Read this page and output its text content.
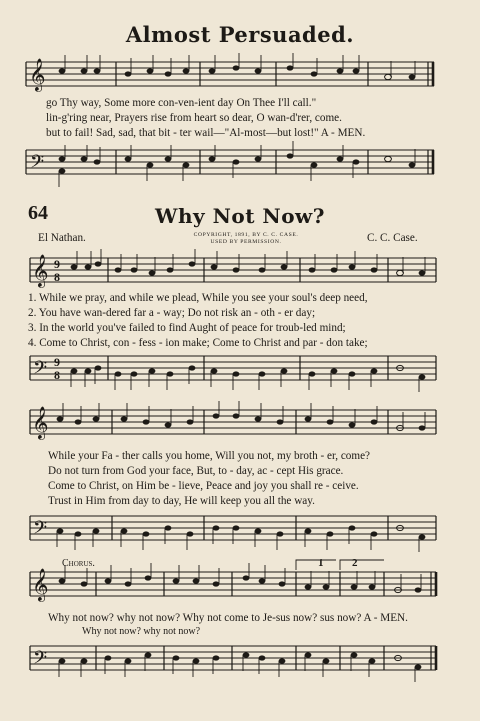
Almost Persuaded.
𝄞
go Thy way, Some more con-ven-ient day On Thee I'll call."
lin-g'ring near, Prayers rise from heart so dear, O wan-d'rer, come.
but to fail! Sad, sad, that bit - ter wail—"Al-most—but lost!" A - MEN.
𝄢
64	Why Not Now?
El Nathan.	COPYRIGHT, 1891, BY C. C. CASE.
USED BY PERMISSION.	C. C. Case.
𝄞 9
8
1. While we pray, and while we plead, While you see your soul's deep need,
2. You have wan-dered far a - way; Do not risk an - oth - er day;
3. In the world you've failed to find Aught of peace for troub-led mind;
4. Come to Christ, con - fess - ion make; Come to Christ and par - don take;
𝄢 9
8
𝄞
While your Fa - ther calls you home, Will you not, my broth - er, come?
Do not turn from God your face, But, to - day, ac - cept His grace.
Come to Christ, on Him be - lieve, Peace and joy you shall re - ceive.
Trust in Him from day to day, He will keep you all the way.
𝄢
Chorus.	1	2
𝄞
Why not now? why not now? Why not come to Je-sus now? sus now? A - MEN.
Why not now? why not now?
𝄢
